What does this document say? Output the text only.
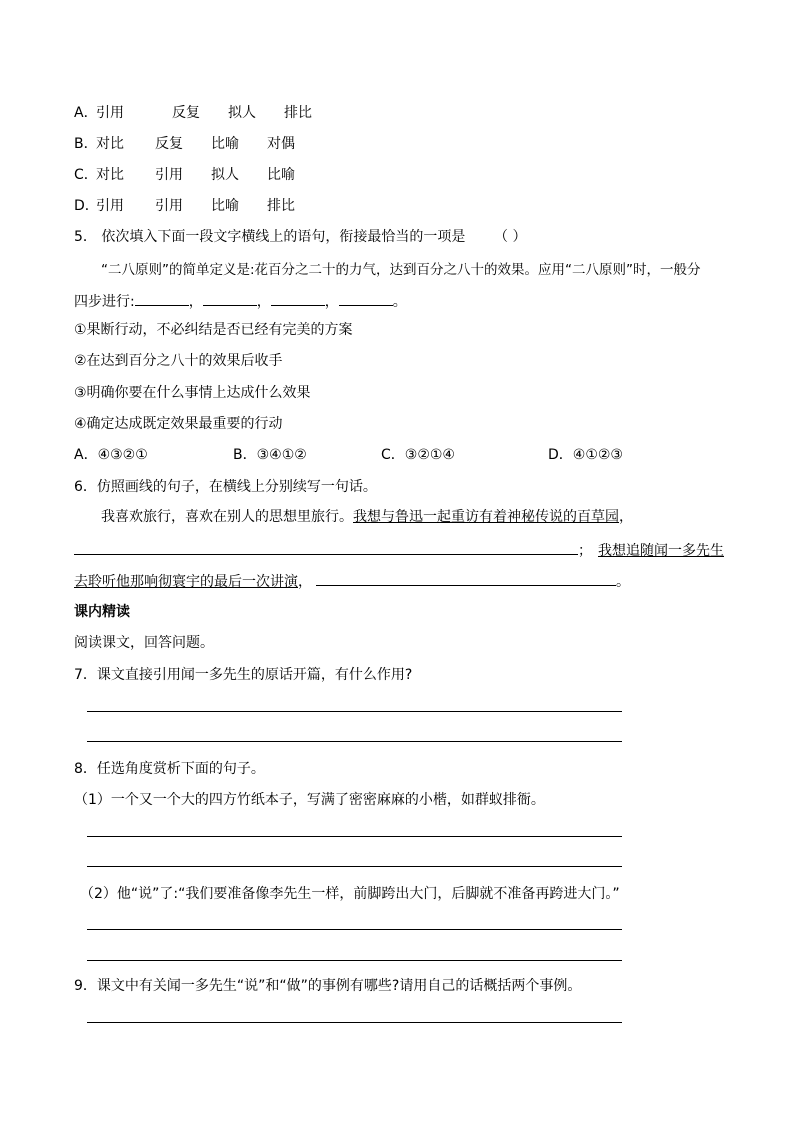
A．
引用	反复 拟人 排比
B．
对比 反复 比喻 对偶
C．
对比 引用 拟人 比喻
D．
引用 引用 比喻 排比
5． 依次填入下面一段文字横线上的语句，衔接最恰当的一项是 （ ）
“二八原则”的简单定义是:花百分之二十的力气，达到百分之八十的效果。应用“二八原则”时，一般分
四步进行:	，	，	，	。
①果断行动，不必纠结是否已经有完美的方案
②在达到百分之八十的效果后收手
③明确你要在什么事情上达成什么效果
④确定达成既定效果最重要的行动
A．④③②①	B．③④①②	C．③②①④	D．④①②③
6．仿照画线的句子，在横线上分别续写一句话。
我喜欢旅行，喜欢在别人的思想里旅行。我想与鲁迅一起重访有着神秘传说的百草园，
； 我想追随闻一多先生
去聆听他那响彻寰宇的最后一次讲演，	。
课内精读
阅读课文，回答问题。
7．课文直接引用闻一多先生的原话开篇，有什么作用?
8．任选角度赏析下面的句子。
（1）一个又一个大的四方竹纸本子，写满了密密麻麻的小楷，如群蚁排衙。
（2）他“说”了:“我们要准备像李先生一样，前脚跨出大门，后脚就不准备再跨进大门。”
9．课文中有关闻一多先生“说”和“做”的事例有哪些?请用自己的话概括两个事例。
